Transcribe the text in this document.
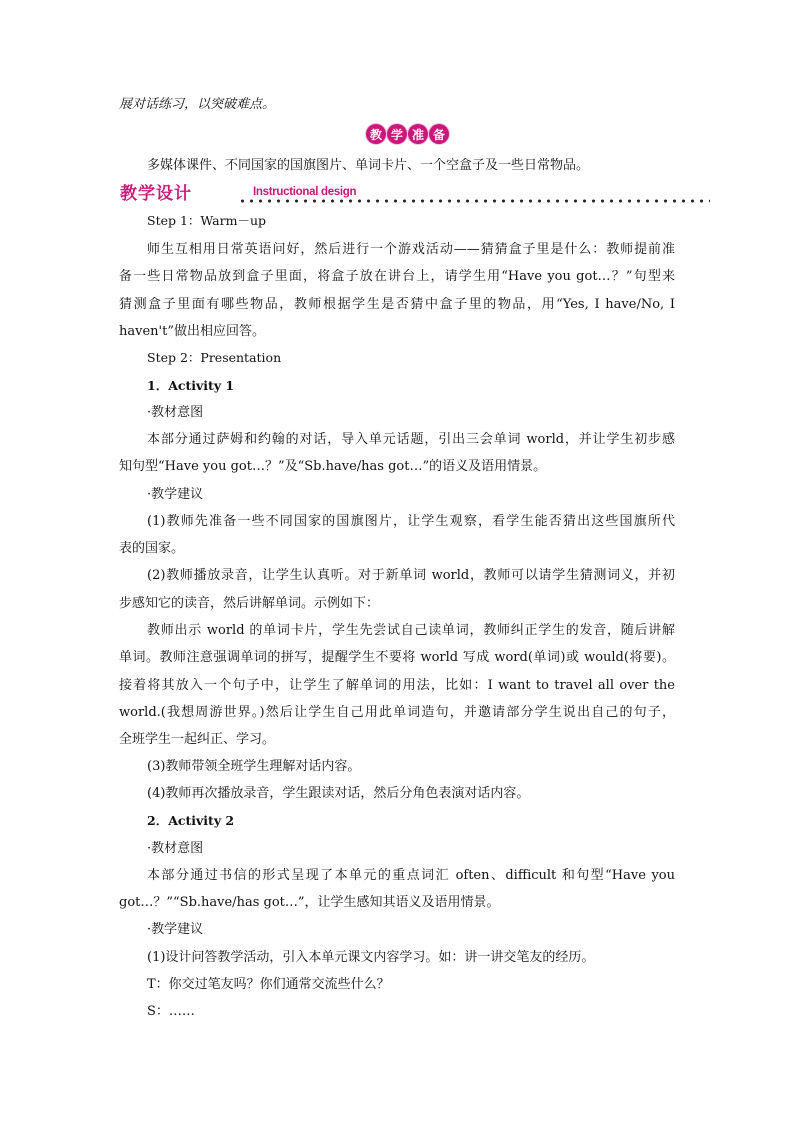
展对话练习，以突破难点。
教 学 准 备
多媒体课件、不同国家的国旗图片、单词卡片、一个空盒子及一些日常物品。
教学设计	Instructional design
Step 1：Warm－up
师生互相用日常英语问好，然后进行一个游戏活动——猜猜盒子里是什么：教师提前准
备一些日常物品放到盒子里面，将盒子放在讲台上，请学生用“Have you got…？”句型来
猜测盒子里面有哪些物品，教师根据学生是否猜中盒子里的物品，用“Yes, I have/No, I
haven't”做出相应回答。
Step 2：Presentation
1．Activity 1
·教材意图
本部分通过萨姆和约翰的对话，导入单元话题，引出三会单词 world，并让学生初步感
知句型“Have you got…？”及“Sb.have/has got…”的语义及语用情景。
·教学建议
(1)教师先准备一些不同国家的国旗图片，让学生观察，看学生能否猜出这些国旗所代
表的国家。
(2)教师播放录音，让学生认真听。对于新单词 world，教师可以请学生猜测词义，并初
步感知它的读音，然后讲解单词。示例如下：
教师出示 world 的单词卡片，学生先尝试自己读单词，教师纠正学生的发音，随后讲解
单词。教师注意强调单词的拼写，提醒学生不要将 world 写成 word(单词)或 would(将要)。
接着将其放入一个句子中，让学生了解单词的用法，比如：I want to travel all over the
world.(我想周游世界。)然后让学生自己用此单词造句，并邀请部分学生说出自己的句子，
全班学生一起纠正、学习。
(3)教师带领全班学生理解对话内容。
(4)教师再次播放录音，学生跟读对话，然后分角色表演对话内容。
2．Activity 2
·教材意图
本部分通过书信的形式呈现了本单元的重点词汇 often、difficult 和句型“Have you
got…？”“Sb.have/has got…”，让学生感知其语义及语用情景。
·教学建议
(1)设计问答教学活动，引入本单元课文内容学习。如：讲一讲交笔友的经历。
T：你交过笔友吗？你们通常交流些什么？
S：……
